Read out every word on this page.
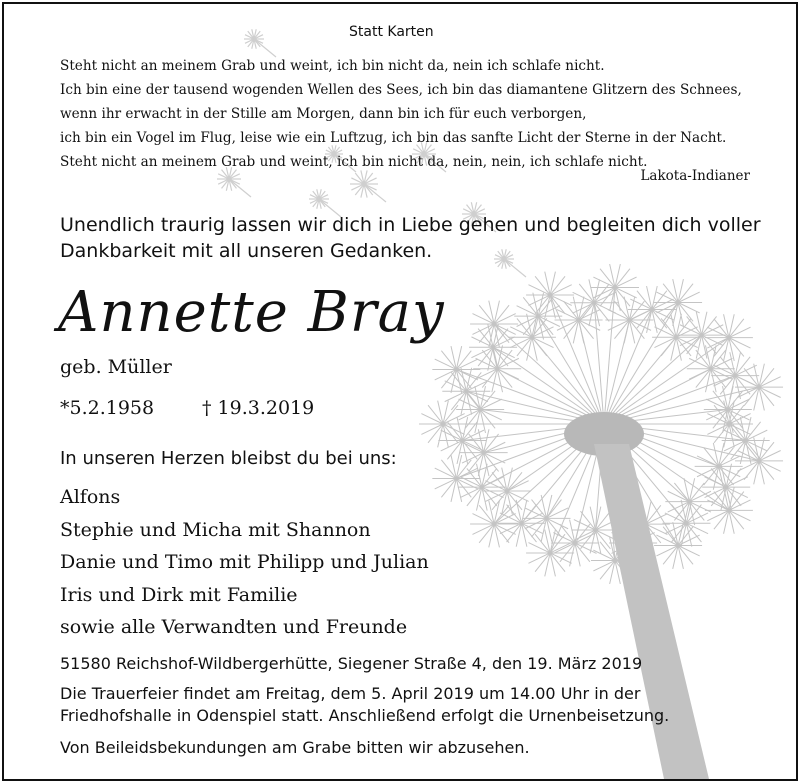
Statt Karten
Steht nicht an meinem Grab und weint, ich bin nicht da, nein ich schlafe nicht.
Ich bin eine der tausend wogenden Wellen des Sees, ich bin das diamantene Glitzern des Schnees,
wenn ihr erwacht in der Stille am Morgen, dann bin ich für euch verborgen,
ich bin ein Vogel im Flug, leise wie ein Luftzug, ich bin das sanfte Licht der Sterne in der Nacht.
Steht nicht an meinem Grab und weint, ich bin nicht da, nein, nein, ich schlafe nicht.
Lakota-Indianer
Unendlich traurig lassen wir dich in Liebe gehen und begleiten dich voller
Dankbarkeit mit all unseren Gedanken.
Annette Bray
geb. Müller
*5.2.1958	† 19.3.2019
In unseren Herzen bleibst du bei uns:
Alfons
Stephie und Micha mit Shannon
Danie und Timo mit Philipp und Julian
Iris und Dirk mit Familie
sowie alle Verwandten und Freunde
51580 Reichshof-Wildbergerhütte, Siegener Straße 4, den 19. März 2019
Die Trauerfeier findet am Freitag, dem 5. April 2019 um 14.00 Uhr in der
Friedhofshalle in Odenspiel statt. Anschließend erfolgt die Urnenbeisetzung.
Von Beileidsbekundungen am Grabe bitten wir abzusehen.
